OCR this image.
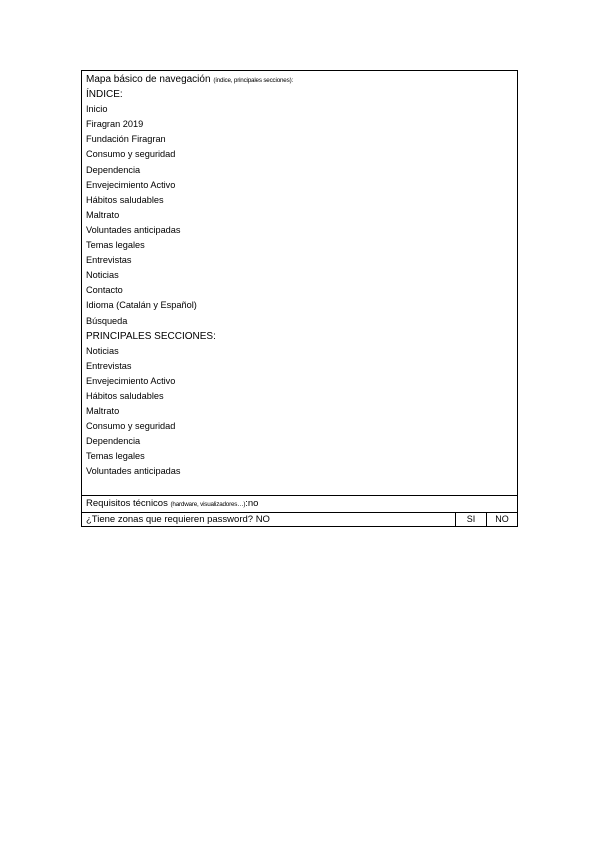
Mapa básico de navegación (índice, principales secciones):
ÍNDICE:
Inicio
Firagran 2019
Fundación Firagran
Consumo y seguridad
Dependencia
Envejecimiento Activo
Hábitos saludables
Maltrato
Voluntades anticipadas
Temas legales
Entrevistas
Noticias
Contacto
Idioma (Catalán y Español)
Búsqueda
PRINCIPALES SECCIONES:
Noticias
Entrevistas
Envejecimiento Activo
Hábitos saludables
Maltrato
Consumo y seguridad
Dependencia
Temas legales
Voluntades anticipadas
Requisitos técnicos (hardware, visualizadores…):no
¿Tiene zonas que requieren password? NO	SI	NO
